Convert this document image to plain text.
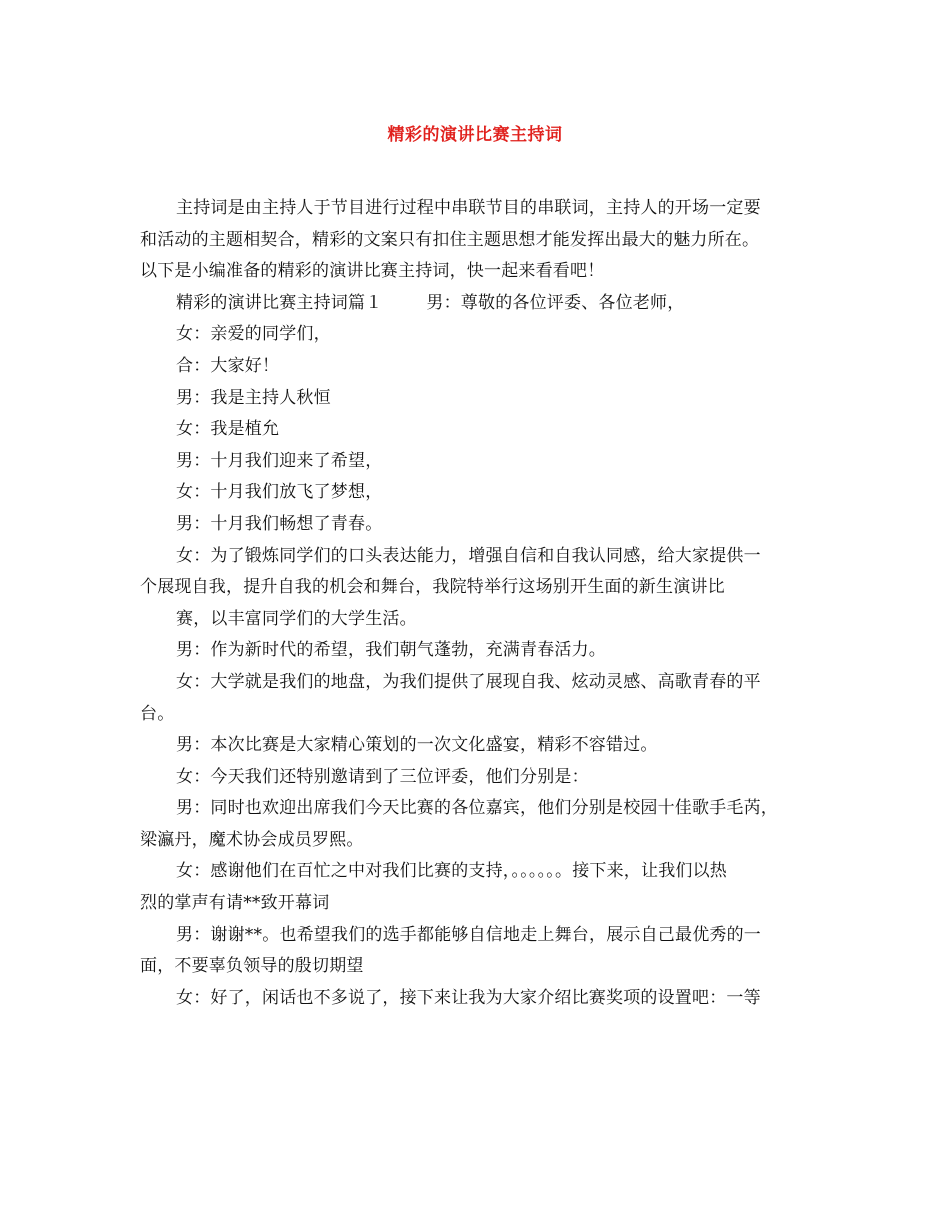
精彩的演讲比赛主持词
主持词是由主持人于节目进行过程中串联节目的串联词，主持人的开场一定要
和活动的主题相契合，精彩的文案只有扣住主题思想才能发挥出最大的魅力所在。
以下是小编准备的精彩的演讲比赛主持词，快一起来看看吧！
精彩的演讲比赛主持词篇１	男：尊敬的各位评委、各位老师，
女：亲爱的同学们，
合：大家好！
男：我是主持人秋恒
女：我是植允
男：十月我们迎来了希望，
女：十月我们放飞了梦想，
男：十月我们畅想了青春。
女：为了锻炼同学们的口头表达能力，增强自信和自我认同感，给大家提供一
个展现自我，提升自我的机会和舞台，我院特举行这场别开生面的新生演讲比
赛，以丰富同学们的大学生活。
男：作为新时代的希望，我们朝气蓬勃，充满青春活力。
女：大学就是我们的地盘，为我们提供了展现自我、炫动灵感、高歌青春的平
台。
男：本次比赛是大家精心策划的一次文化盛宴，精彩不容错过。
女：今天我们还特别邀请到了三位评委，他们分别是：
男：同时也欢迎出席我们今天比赛的各位嘉宾，他们分别是校园十佳歌手毛芮，
梁瀛丹，魔术协会成员罗熙。
女：感谢他们在百忙之中对我们比赛的支持，。。。。。。接下来，让我们以热
烈的掌声有请**致开幕词
男：谢谢**。也希望我们的选手都能够自信地走上舞台，展示自己最优秀的一
面，不要辜负领导的殷切期望
女：好了，闲话也不多说了，接下来让我为大家介绍比赛奖项的设置吧：一等
